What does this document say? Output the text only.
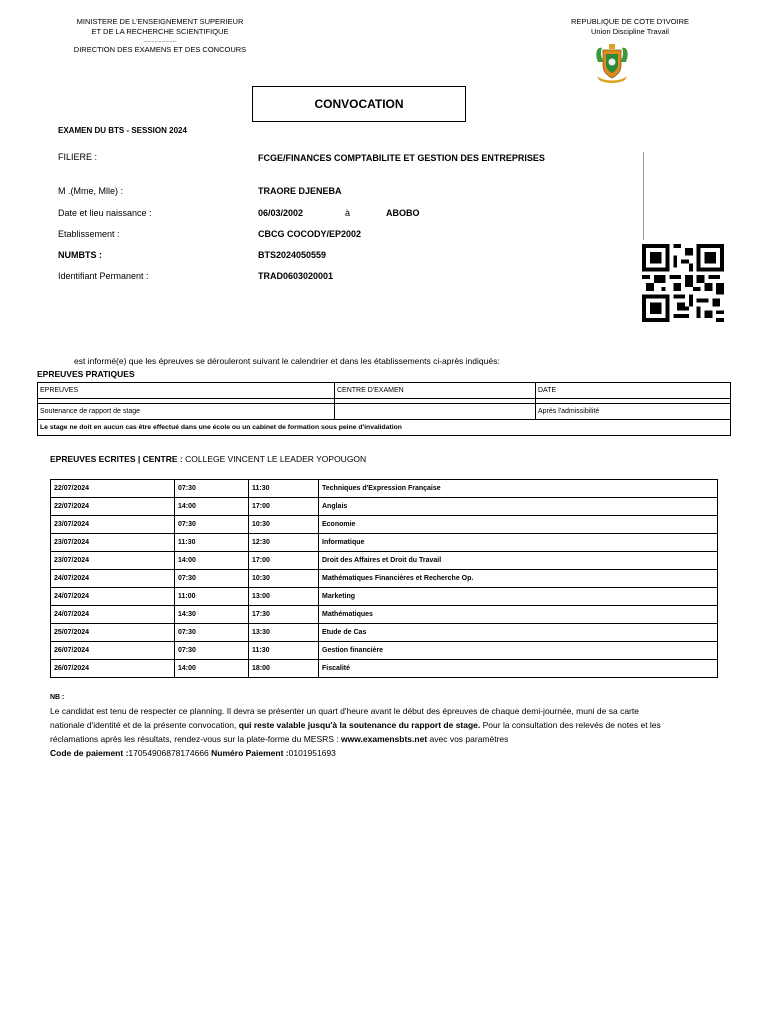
MINISTERE DE L'ENSEIGNEMENT SUPERIEUR
ET DE LA RECHERCHE SCIENTIFIQUE
........................
DIRECTION DES EXAMENS ET DES CONCOURS
REPUBLIQUE DE COTE D'IVOIRE
Union Discipline Travail
CONVOCATION
EXAMEN DU BTS - SESSION 2024
FILIERE :	FCGE/FINANCES COMPTABILITE ET GESTION DES ENTREPRISES
M .(Mme, Mlle) :	TRAORE DJENEBA
Date et lieu naissance :	06/03/2002	à	ABOBO
Etablissement :	CBCG COCODY/EP2002
NUMBTS :	BTS2024050559
Identifiant Permanent :	TRAD0603020001
est informé(e) que les épreuves se dérouleront suivant le calendrier et dans les établissements ci-après indiqués:
EPREUVES PRATIQUES
EPREUVES	CENTRE D'EXAMEN	DATE

Soutenance de rapport de stage		Après l'admissibilité
Le stage ne doit en aucun cas être effectué dans une école ou un cabinet de formation sous peine d'invalidation		
EPREUVES ECRITES | CENTRE : COLLEGE VINCENT LE LEADER YOPOUGON
22/07/2024	07:30	11:30	Techniques d'Expression Française
22/07/2024	14:00	17:00	Anglais
23/07/2024	07:30	10:30	Economie
23/07/2024	11:30	12:30	Informatique
23/07/2024	14:00	17:00	Droit des Affaires et Droit du Travail
24/07/2024	07:30	10:30	Mathématiques Financières et Recherche Op.
24/07/2024	11:00	13:00	Marketing
24/07/2024	14:30	17:30	Mathématiques
25/07/2024	07:30	13:30	Etude de Cas
26/07/2024	07:30	11:30	Gestion financière
26/07/2024	14:00	18:00	Fiscalité
NB :
Le candidat est tenu de respecter ce planning. Il devra se présenter un quart d'heure avant le début des épreuves de chaque demi-journée, muni de sa carte nationale d'identité et de la présente convocation, qui reste valable jusqu'à la soutenance du rapport de stage. Pour la consultation des relevés de notes et les réclamations après les résultats, rendez-vous sur la plate-forme du MESRS : www.examensbts.net avec vos paramètres
Code de paiement :17054906878174666 Numéro Paiement :0101951693
